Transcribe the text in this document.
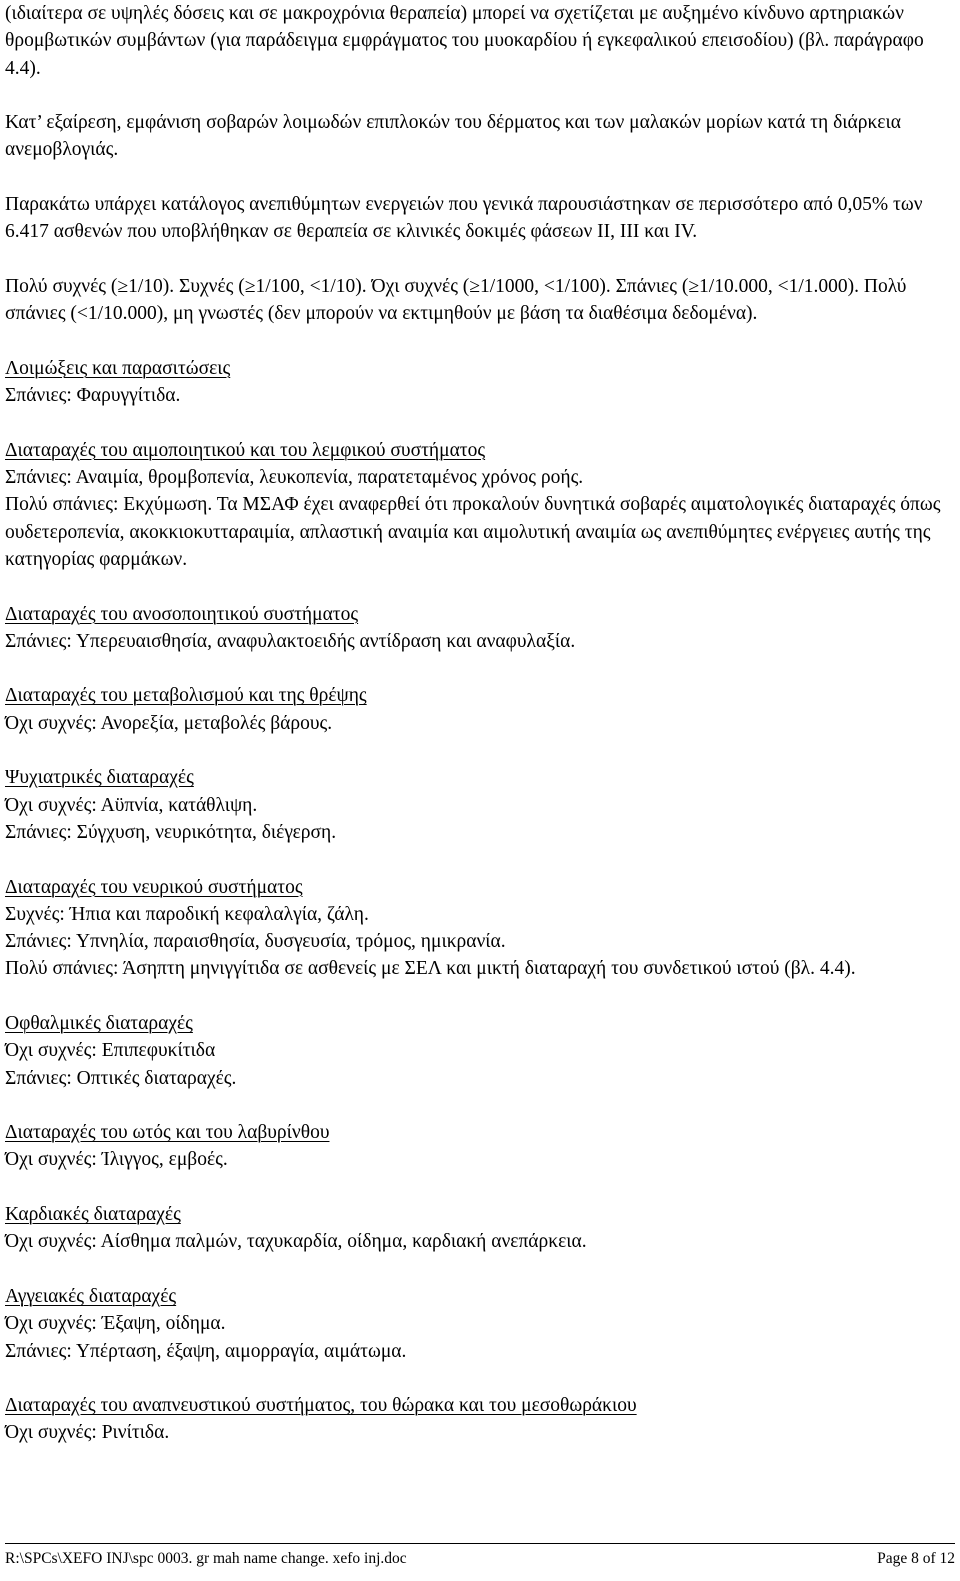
(ιδιαίτερα σε υψηλές δόσεις και σε μακροχρόνια θεραπεία) μπορεί να σχετίζεται με αυξημένο κίνδυνο αρτηριακών θρομβωτικών συμβάντων (για παράδειγμα εμφράγματος του μυοκαρδίου ή εγκεφαλικού επεισοδίου) (βλ. παράγραφο 4.4).

Κατ’ εξαίρεση, εμφάνιση σοβαρών λοιμωδών επιπλοκών του δέρματος και των μαλακών μορίων κατά τη διάρκεια ανεμοβλογιάς.

Παρακάτω υπάρχει κατάλογος ανεπιθύμητων ενεργειών που γενικά παρουσιάστηκαν σε περισσότερο από 0,05% των 6.417 ασθενών που υποβλήθηκαν σε θεραπεία σε κλινικές δοκιμές φάσεων ΙΙ, ΙΙΙ και ΙV.

Πολύ συχνές (≥1/10). Συχνές (≥1/100, <1/10). Όχι συχνές (≥1/1000, <1/100). Σπάνιες (≥1/10.000, <1/1.000). Πολύ σπάνιες (<1/10.000), μη γνωστές (δεν μπορούν να εκτιμηθούν με βάση τα διαθέσιμα δεδομένα).

Λοιμώξεις και παρασιτώσεις
Σπάνιες: Φαρυγγίτιδα.
Διαταραχές του αιμοποιητικού και του λεμφικού συστήματος
Σπάνιες: Αναιμία, θρομβοπενία, λευκοπενία, παρατεταμένος χρόνος ροής.
Πολύ σπάνιες: Εκχύμωση. Τα ΜΣΑΦ έχει αναφερθεί ότι προκαλούν δυνητικά σοβαρές αιματολογικές διαταραχές όπως ουδετεροπενία, ακοκκιοκυτταραιμία, απλαστική αναιμία και αιμολυτική αναιμία ως ανεπιθύμητες ενέργειες αυτής της κατηγορίας φαρμάκων.
Διαταραχές του ανοσοποιητικού συστήματος
Σπάνιες: Υπερευαισθησία, αναφυλακτοειδής αντίδραση και αναφυλαξία.
Διαταραχές του μεταβολισμού και της θρέψης
Όχι συχνές: Ανορεξία, μεταβολές βάρους.
Ψυχιατρικές διαταραχές
Όχι συχνές: Αϋπνία, κατάθλιψη.
Σπάνιες: Σύγχυση, νευρικότητα, διέγερση.
Διαταραχές του νευρικού συστήματος
Συχνές: Ήπια και παροδική κεφαλαλγία, ζάλη.
Σπάνιες: Υπνηλία, παραισθησία, δυσγευσία, τρόμος, ημικρανία.
Πολύ σπάνιες: Άσηπτη μηνιγγίτιδα σε ασθενείς με ΣΕΛ και μικτή διαταραχή του συνδετικού ιστού (βλ. 4.4).
Οφθαλμικές διαταραχές
Όχι συχνές: Επιπεφυκίτιδα
Σπάνιες: Οπτικές διαταραχές.
Διαταραχές του ωτός και του λαβυρίνθου
Όχι συχνές: Ίλιγγος, εμβοές.
Καρδιακές διαταραχές
Όχι συχνές: Αίσθημα παλμών, ταχυκαρδία, οίδημα, καρδιακή ανεπάρκεια.
Αγγειακές διαταραχές
Όχι συχνές: Έξαψη, οίδημα.
Σπάνιες: Υπέρταση, έξαψη, αιμορραγία, αιμάτωμα.
Διαταραχές του αναπνευστικού συστήματος, του θώρακα και του μεσοθωράκιου
Όχι συχνές: Ρινίτιδα.
R:\SPCs\XEFO INJ\spc 0003. gr mah name change. xefo inj.doc	Page 8 of 12
